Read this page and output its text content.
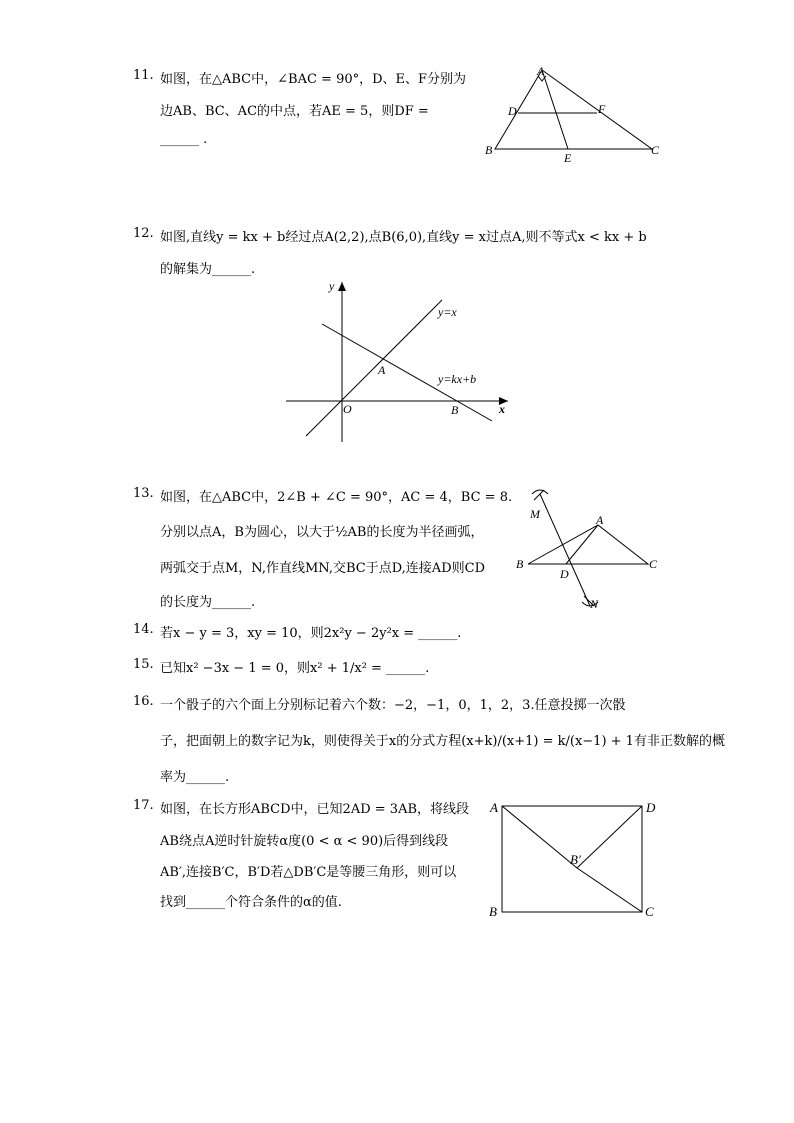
11. 如图，在△ABC中，∠BAC = 90°，D、E、F分别为
边AB、BC、AC的中点，若AE = 5，则DF =
______ .
A
B	C
D
E
F
12. 如图,直线y = kx + b经过点A(2,2),点B(6,0),直线y = x过点A,则不等式x < kx + b
的解集为______.
y
x
O
A
B
y=x
y=kx+b
13. 如图，在△ABC中，2∠B + ∠C = 90°，AC = 4，BC = 8.
分别以点A，B为圆心，以大于½AB的长度为半径画弧，
两弧交于点M，N,作直线MN,交BC于点D,连接AD则CD
的长度为______.
M
N
A
B	C
D
14. 若x − y = 3，xy = 10，则2x²y − 2y²x = ______.
15. 已知x² −3x − 1 = 0，则x² + 1/x² = ______.
16. 一个骰子的六个面上分别标记着六个数：−2，−1，0，1，2，3.任意投掷一次骰
子，把面朝上的数字记为k，则使得关于x的分式方程(x+k)/(x+1) = k/(x−1) + 1有非正数解的概
率为______.
17. 如图，在长方形ABCD中，已知2AD = 3AB，将线段
AB绕点A逆时针旋转α度(0 < α < 90)后得到线段
AB′,连接B′C，B′D若△DB′C是等腰三角形，则可以
找到______个符合条件的α的值.
A	D
B	C
B′
